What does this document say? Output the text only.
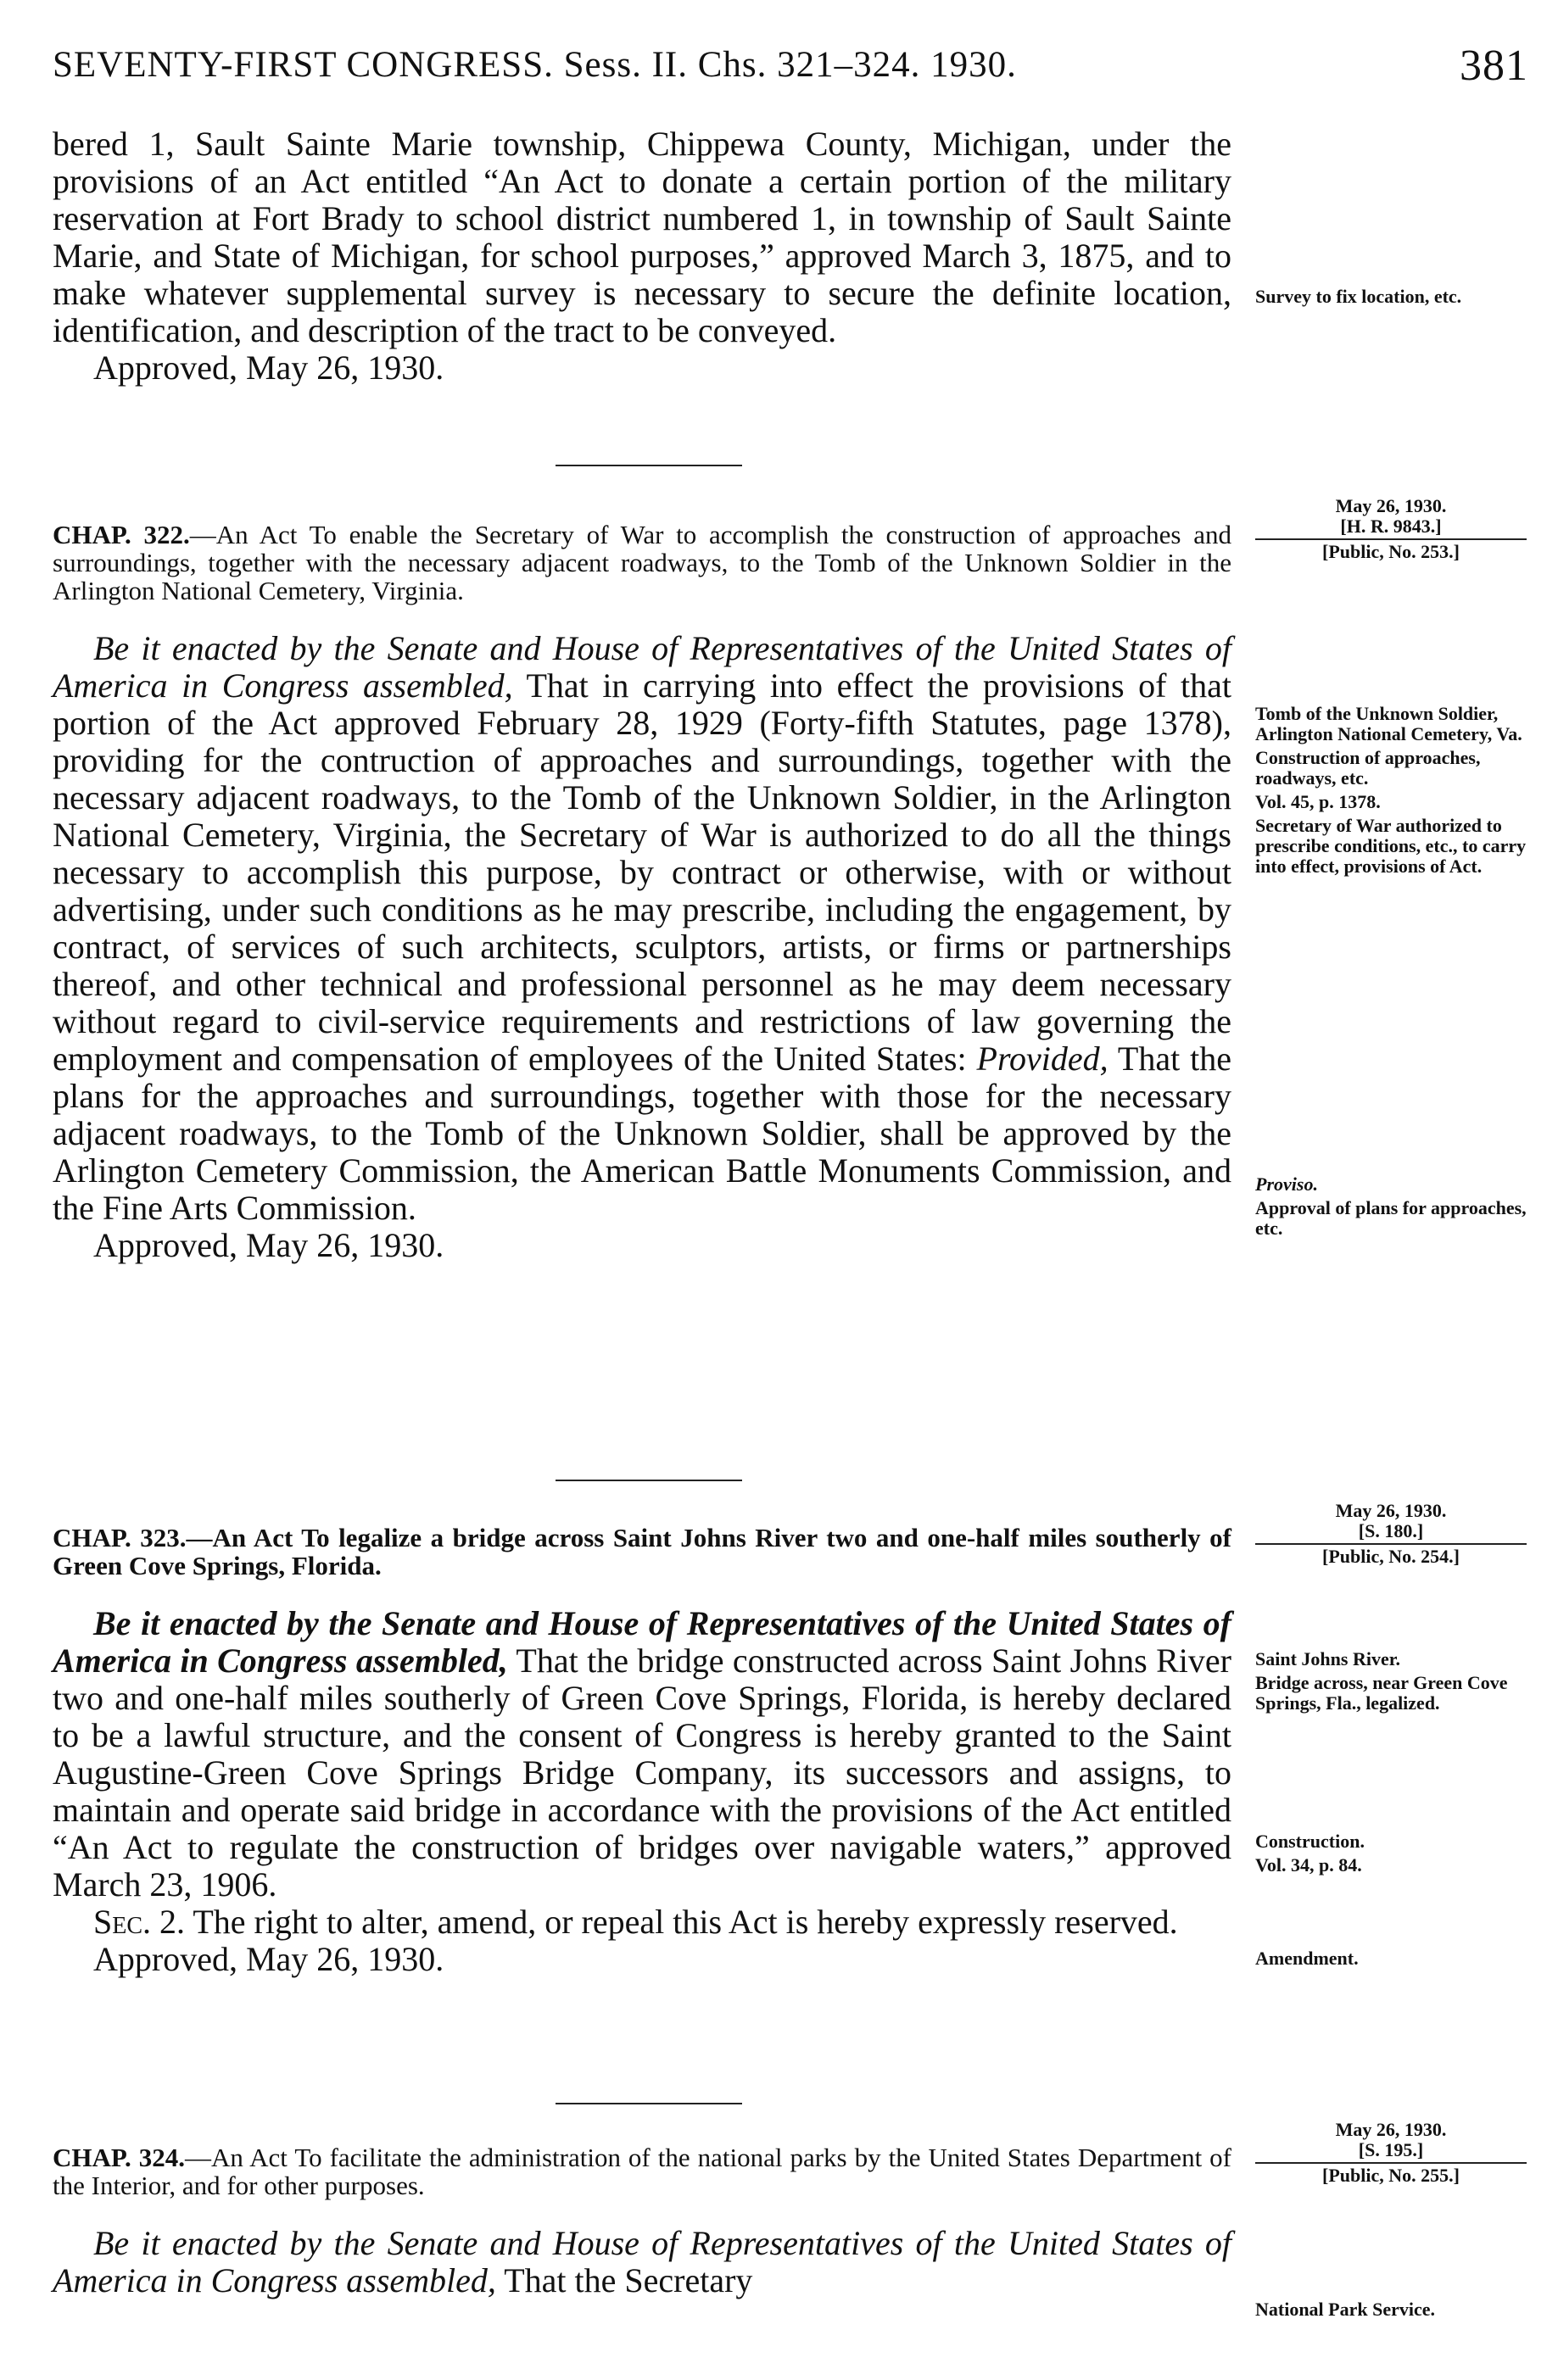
SEVENTY-FIRST CONGRESS. Sess. II. Chs. 321–324. 1930.	381
bered 1, Sault Sainte Marie township, Chippewa County, Michigan, under the provisions of an Act entitled “An Act to donate a certain portion of the military reservation at Fort Brady to school district numbered 1, in township of Sault Sainte Marie, and State of Michigan, for school purposes,” approved March 3, 1875, and to make whatever supplemental survey is necessary to secure the definite location, identification, and description of the tract to be conveyed.
Approved, May 26, 1930.
Survey to fix location, etc.
May 26, 1930.
[H. R. 9843.]
[Public, No. 253.]
CHAP. 322.—An Act To enable the Secretary of War to accomplish the construction of approaches and surroundings, together with the necessary adjacent roadways, to the Tomb of the Unknown Soldier in the Arlington National Cemetery, Virginia.
Be it enacted by the Senate and House of Representatives of the United States of America in Congress assembled, That in carrying into effect the provisions of that portion of the Act approved February 28, 1929 (Forty-fifth Statutes, page 1378), providing for the contruction of approaches and surroundings, together with the necessary adjacent roadways, to the Tomb of the Unknown Soldier, in the Arlington National Cemetery, Virginia, the Secretary of War is authorized to do all the things necessary to accomplish this purpose, by contract or otherwise, with or without advertising, under such conditions as he may prescribe, including the engagement, by contract, of services of such architects, sculptors, artists, or firms or partnerships thereof, and other technical and professional personnel as he may deem necessary without regard to civil-service requirements and restrictions of law governing the employment and compensation of employees of the United States: Provided, That the plans for the approaches and surroundings, together with those for the necessary adjacent roadways, to the Tomb of the Unknown Soldier, shall be approved by the Arlington Cemetery Commission, the American Battle Monuments Commission, and the Fine Arts Commission.
Approved, May 26, 1930.
Tomb of the Unknown Soldier, Arlington National Cemetery, Va.
Construction of approaches, roadways, etc.
Vol. 45, p. 1378.
Secretary of War authorized to prescribe conditions, etc., to carry into effect, provisions of Act.
Proviso.
Approval of plans for approaches, etc.
May 26, 1930.
[S. 180.]
[Public, No. 254.]
CHAP. 323.—An Act To legalize a bridge across Saint Johns River two and one-half miles southerly of Green Cove Springs, Florida.
Be it enacted by the Senate and House of Representatives of the United States of America in Congress assembled, That the bridge constructed across Saint Johns River two and one-half miles southerly of Green Cove Springs, Florida, is hereby declared to be a lawful structure, and the consent of Congress is hereby granted to the Saint Augustine-Green Cove Springs Bridge Company, its successors and assigns, to maintain and operate said bridge in accordance with the provisions of the Act entitled “An Act to regulate the construction of bridges over navigable waters,” approved March 23, 1906.
Sec. 2. The right to alter, amend, or repeal this Act is hereby expressly reserved.
Approved, May 26, 1930.
Saint Johns River.
Bridge across, near Green Cove Springs, Fla., legalized.
Construction.
Vol. 34, p. 84.
Amendment.
May 26, 1930.
[S. 195.]
[Public, No. 255.]
CHAP. 324.—An Act To facilitate the administration of the national parks by the United States Department of the Interior, and for other purposes.
Be it enacted by the Senate and House of Representatives of the United States of America in Congress assembled, That the Secretary
National Park Service.
